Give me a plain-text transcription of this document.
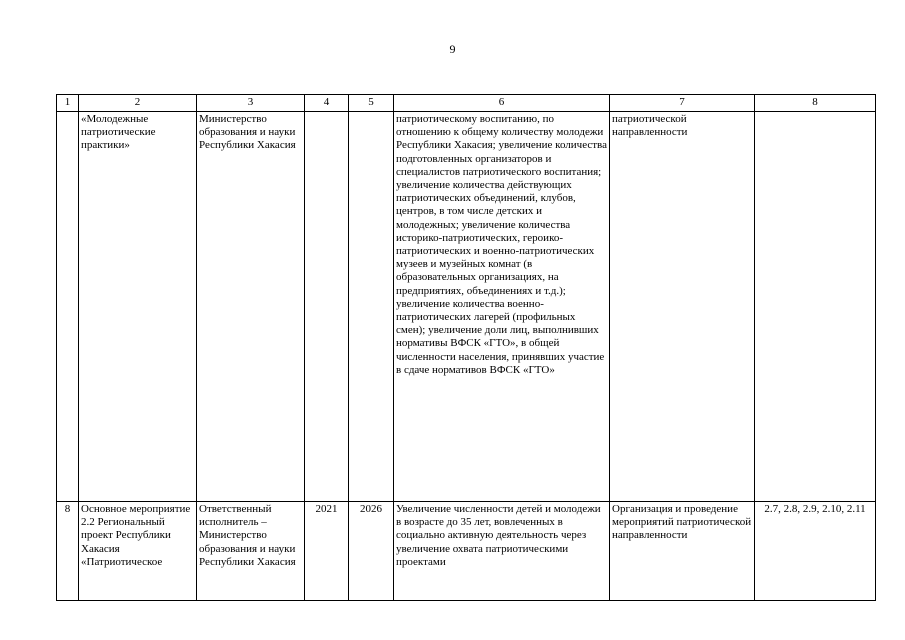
9
1	2	3	4	5	6	7	8
	«Молодежные патриотические практики»	Министерство образования и науки Республики Хакасия			патриотическому воспитанию, по отношению к общему количеству молодежи Республики Хакасия; увеличение количества подготовленных организаторов и специалистов патриотического воспитания; увеличение количества действующих патриотических объединений, клубов, центров, в том числе детских и молодежных; увеличение количества историко-патриотических, героико-патриотических и военно-патриотических музеев и музейных комнат (в образовательных организациях, на предприятиях, объединениях и т.д.); увеличение количества военно-патриотических лагерей (профильных смен); увеличение доли лиц, выполнивших нормативы ВФСК «ГТО», в общей численности населения, принявших участие в сдаче нормативов ВФСК «ГТО»	патриотической направленности	
8	Основное мероприятие 2.2 Региональный проект Республики Хакасия «Патриотическое	Ответственный исполнитель – Министерство образования и науки Республики Хакасия	2021	2026	Увеличение численности детей и молодежи в возрасте до 35 лет, вовлеченных в социально активную деятельность через увеличение охвата патриотическими проектами	Организация и проведение мероприятий патриотической направленности	2.7, 2.8, 2.9, 2.10, 2.11
